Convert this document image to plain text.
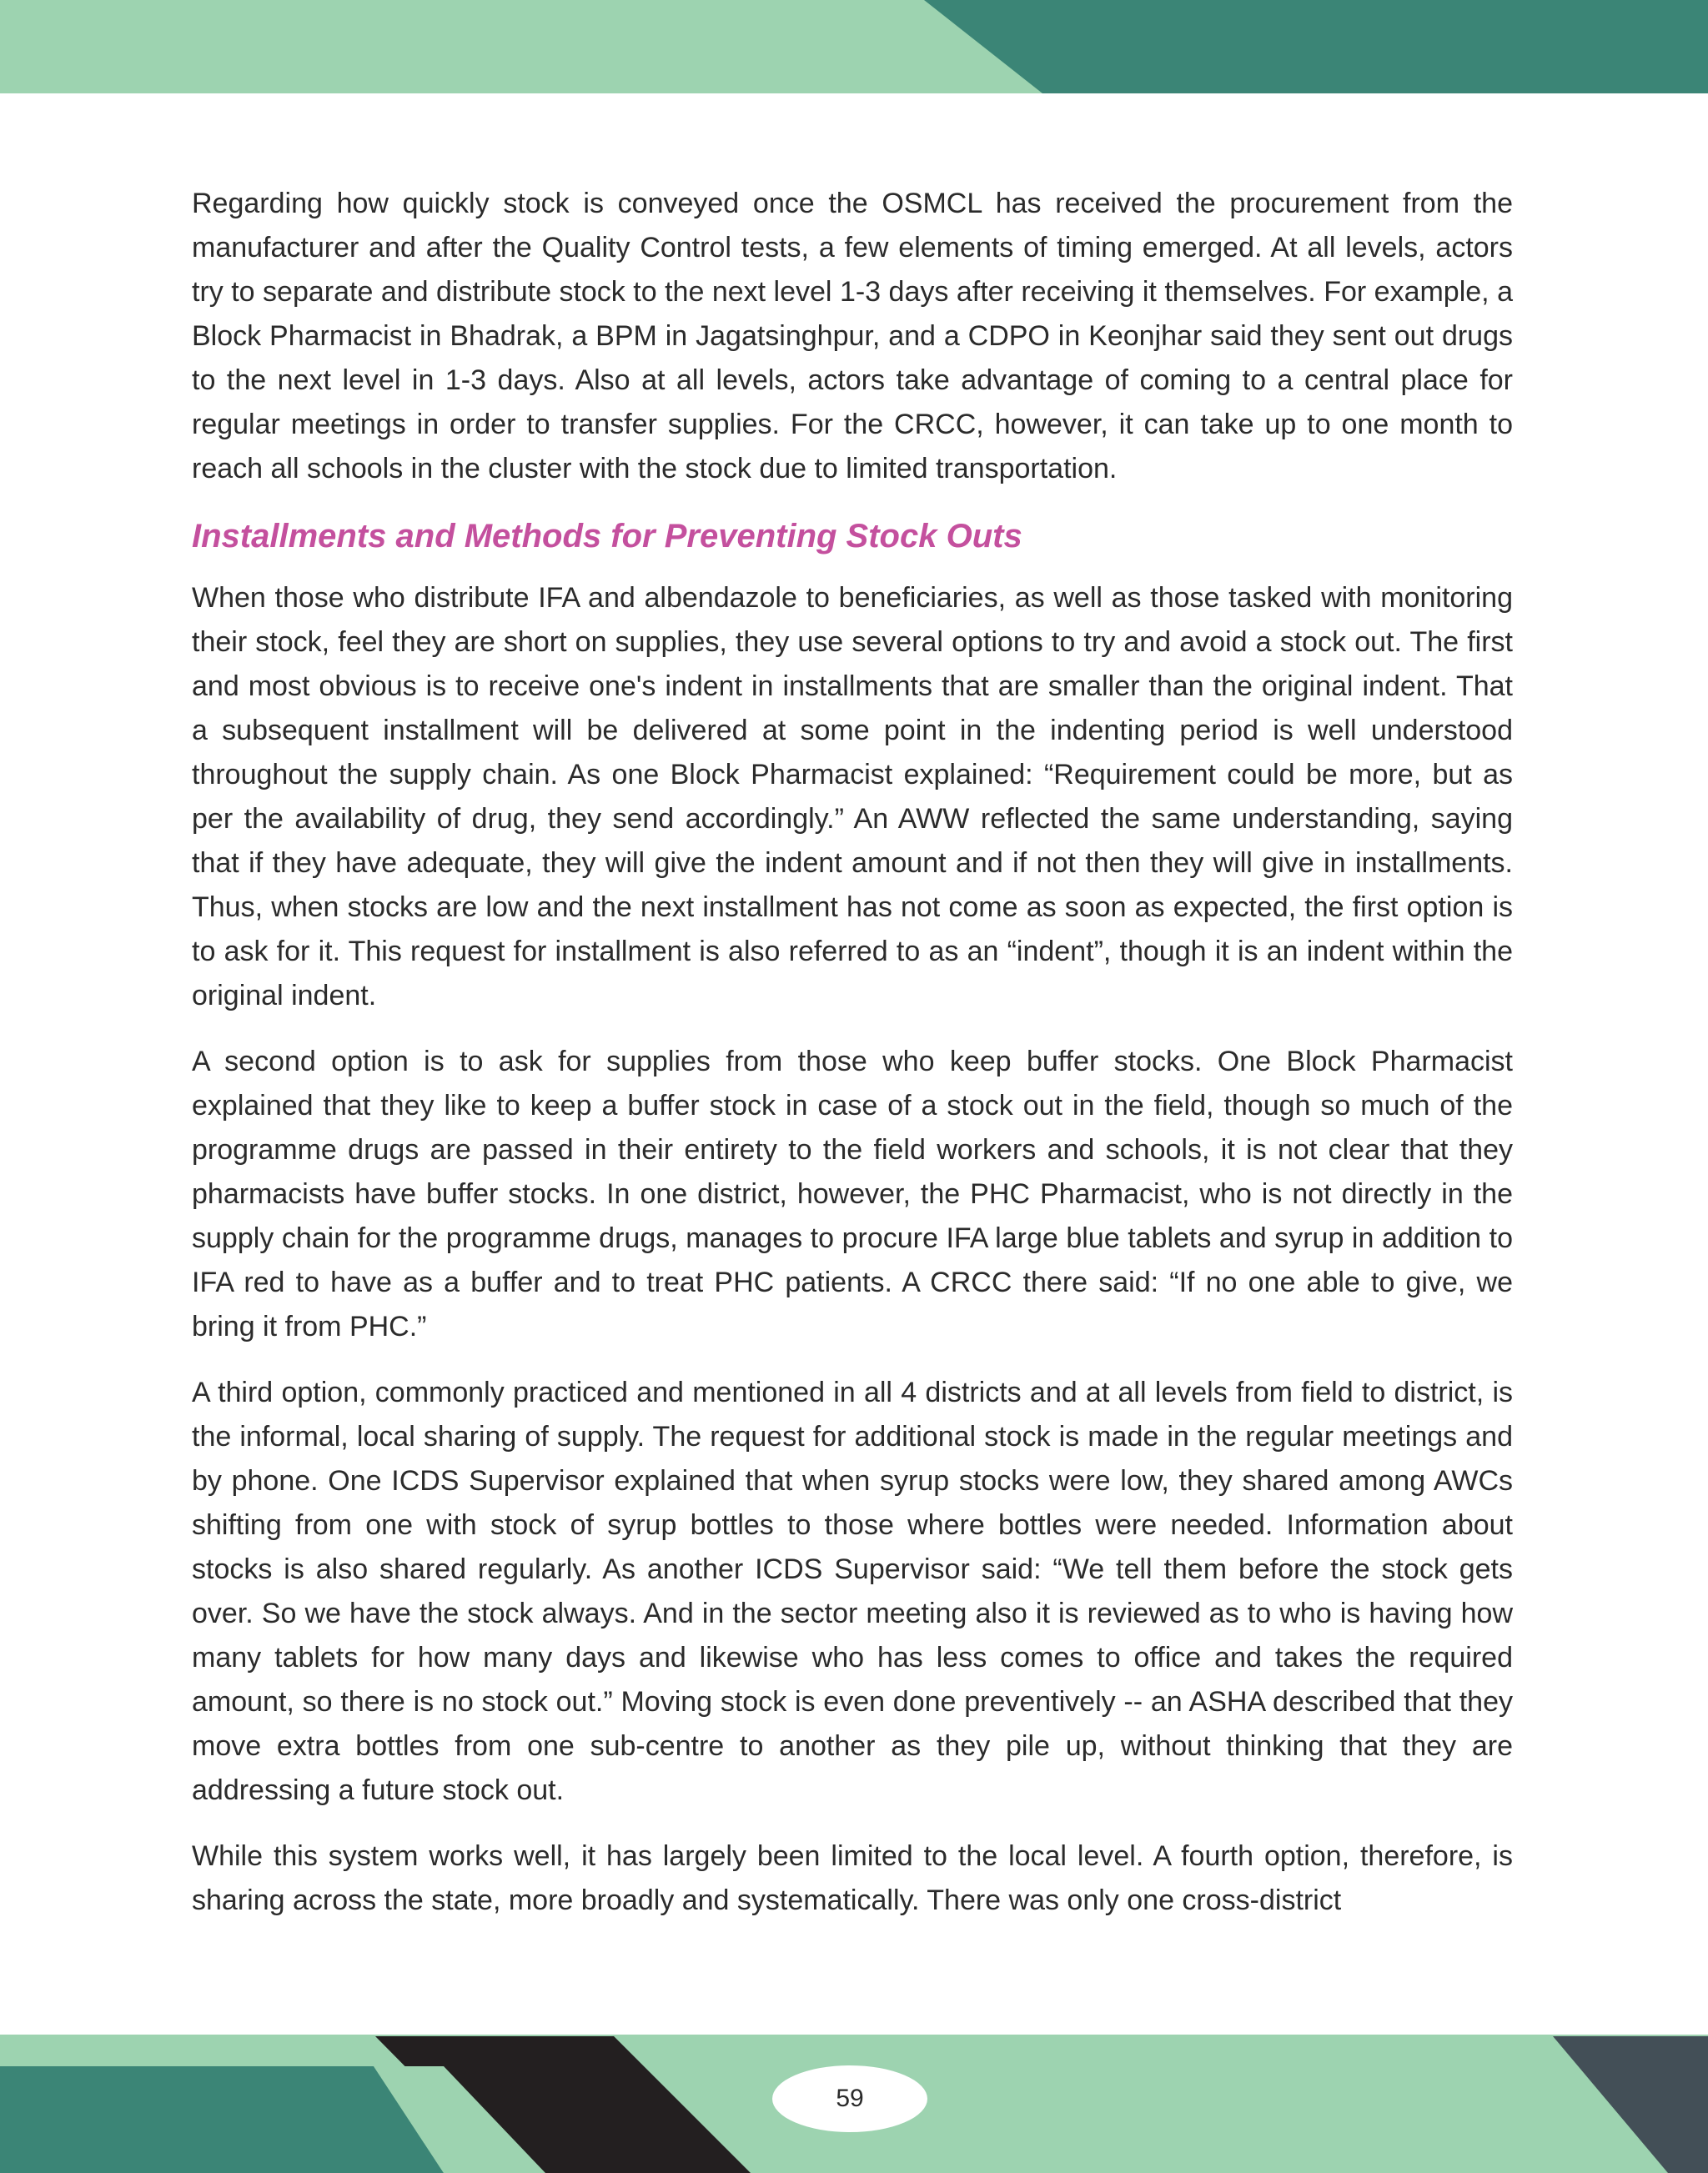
Regarding how quickly stock is conveyed once the OSMCL has received the procurement from the manufacturer and after the Quality Control tests, a few elements of timing emerged. At all levels, actors try to separate and distribute stock to the next level 1-3 days after receiving it themselves. For example, a Block Pharmacist in Bhadrak, a BPM in Jagatsinghpur, and a CDPO in Keonjhar said they sent out drugs to the next level in 1-3 days. Also at all levels, actors take advantage of coming to a central place for regular meetings in order to transfer supplies. For the CRCC, however, it can take up to one month to reach all schools in the cluster with the stock due to limited transportation.

Installments and Methods for Preventing Stock Outs

When those who distribute IFA and albendazole to beneficiaries, as well as those tasked with monitoring their stock, feel they are short on supplies, they use several options to try and avoid a stock out. The first and most obvious is to receive one's indent in installments that are smaller than the original indent. That a subsequent installment will be delivered at some point in the indenting period is well understood throughout the supply chain. As one Block Pharmacist explained: “Requirement could be more, but as per the availability of drug, they send accordingly.” An AWW reflected the same understanding, saying that if they have adequate, they will give the indent amount and if not then they will give in installments. Thus, when stocks are low and the next installment has not come as soon as expected, the first option is to ask for it. This request for installment is also referred to as an “indent”, though it is an indent within the original indent.

A second option is to ask for supplies from those who keep buffer stocks. One Block Pharmacist explained that they like to keep a buffer stock in case of a stock out in the field, though so much of the programme drugs are passed in their entirety to the field workers and schools, it is not clear that they pharmacists have buffer stocks. In one district, however, the PHC Pharmacist, who is not directly in the supply chain for the programme drugs, manages to procure IFA large blue tablets and syrup in addition to IFA red to have as a buffer and to treat PHC patients. A CRCC there said: “If no one able to give, we bring it from PHC.”

A third option, commonly practiced and mentioned in all 4 districts and at all levels from field to district, is the informal, local sharing of supply. The request for additional stock is made in the regular meetings and by phone. One ICDS Supervisor explained that when syrup stocks were low, they shared among AWCs shifting from one with stock of syrup bottles to those where bottles were needed. Information about stocks is also shared regularly. As another ICDS Supervisor said: “We tell them before the stock gets over. So we have the stock always. And in the sector meeting also it is reviewed as to who is having how many tablets for how many days and likewise who has less comes to office and takes the required amount, so there is no stock out.” Moving stock is even done preventively -- an ASHA described that they move extra bottles from one sub-centre to another as they pile up, without thinking that they are addressing a future stock out.

While this system works well, it has largely been limited to the local level. A fourth option, therefore, is sharing across the state, more broadly and systematically. There was only one cross-district

59
